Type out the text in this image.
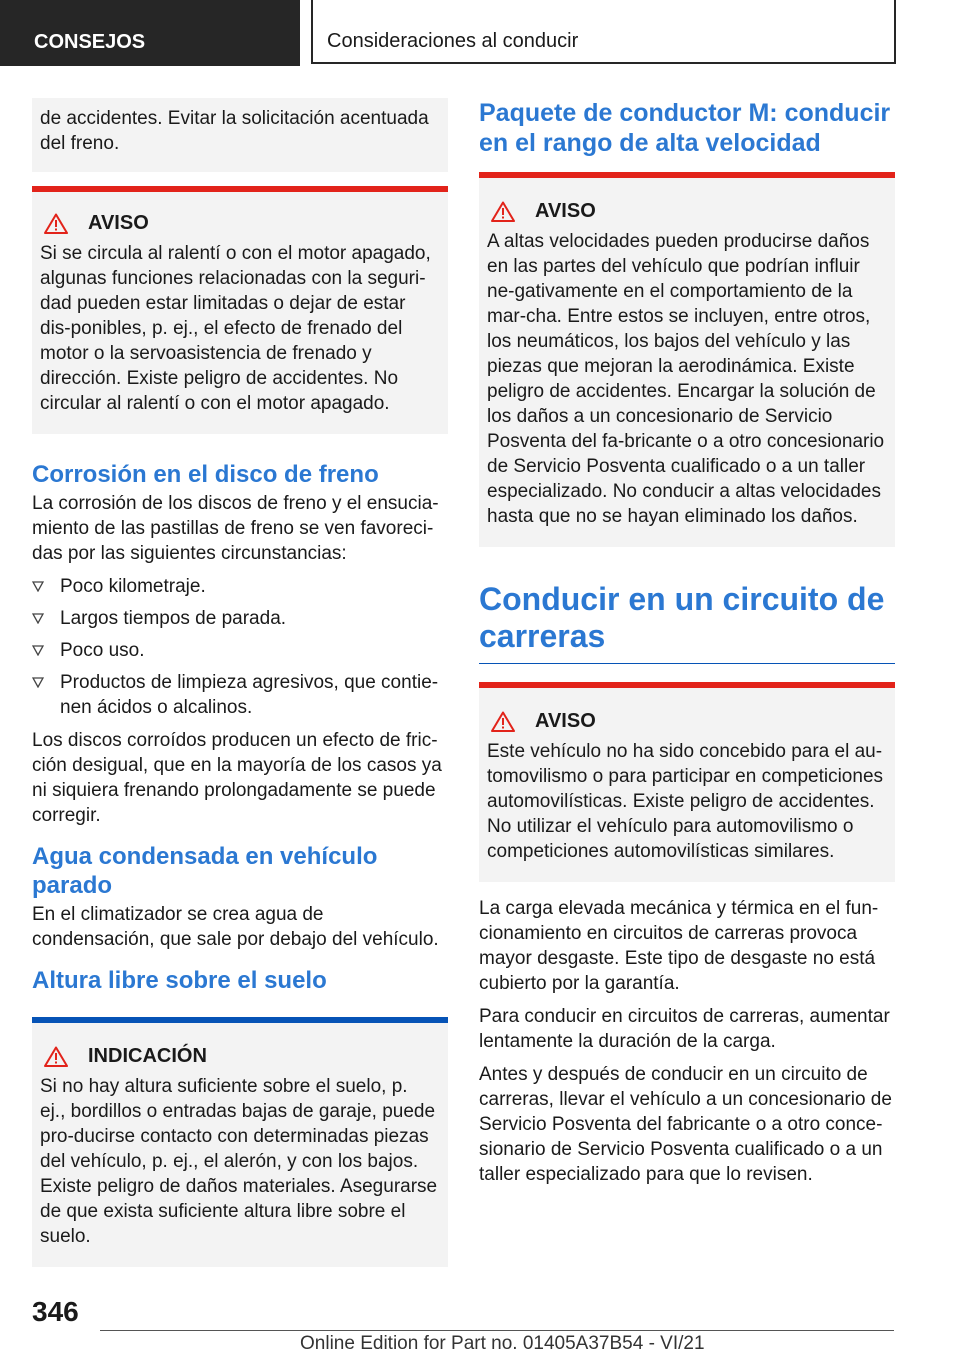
CONSEJOS	Consideraciones al conducir

de accidentes. Evitar la solicitación acentuada del freno.

AVISO

Si se circula al ralentí o con el motor apagado, algunas funciones relacionadas con la seguri-dad pueden estar limitadas o dejar de estar dis-ponibles, p. ej., el efecto de frenado del motor o la servoasistencia de frenado y dirección. Existe peligro de accidentes. No circular al ralentí o con el motor apagado.

Corrosión en el disco de freno

La corrosión de los discos de freno y el ensucia-miento de las pastillas de freno se ven favoreci-das por las siguientes circunstancias:

Poco kilometraje.
Largos tiempos de parada.
Poco uso.
Productos de limpieza agresivos, que contie-nen ácidos o alcalinos.

Los discos corroídos producen un efecto de fric-ción desigual, que en la mayoría de los casos ya ni siquiera frenando prolongadamente se puede corregir.

Agua condensada en vehículo parado

En el climatizador se crea agua de condensación, que sale por debajo del vehículo.

Altura libre sobre el suelo
INDICACIÓN

Si no hay altura suficiente sobre el suelo, p. ej., bordillos o entradas bajas de garaje, puede pro-ducirse contacto con determinadas piezas del vehículo, p. ej., el alerón, y con los bajos. Existe peligro de daños materiales. Asegurarse de que exista suficiente altura libre sobre el suelo.

Paquete de conductor M: conducir en el rango de alta velocidad
AVISO

A altas velocidades pueden producirse daños en las partes del vehículo que podrían influir ne-gativamente en el comportamiento de la mar-cha. Entre estos se incluyen, entre otros, los neumáticos, los bajos del vehículo y las piezas que mejoran la aerodinámica. Existe peligro de accidentes. Encargar la solución de los daños a un concesionario de Servicio Posventa del fa-bricante o a otro concesionario de Servicio Posventa cualificado o a un taller especializado. No conducir a altas velocidades hasta que no se hayan eliminado los daños.

Conducir en un circuito de carreras
AVISO

Este vehículo no ha sido concebido para el au-tomovilismo o para participar en competiciones automovilísticas. Existe peligro de accidentes. No utilizar el vehículo para automovilismo o competiciones automovilísticas similares.

La carga elevada mecánica y térmica en el fun-cionamiento en circuitos de carreras provoca mayor desgaste. Este tipo de desgaste no está cubierto por la garantía.

Para conducir en circuitos de carreras, aumentar lentamente la duración de la carga.

Antes y después de conducir en un circuito de carreras, llevar el vehículo a un concesionario de Servicio Posventa del fabricante o a otro conce-sionario de Servicio Posventa cualificado o a un taller especializado para que lo revisen.

346
Online Edition for Part no. 01405A37B54 - VI/21
